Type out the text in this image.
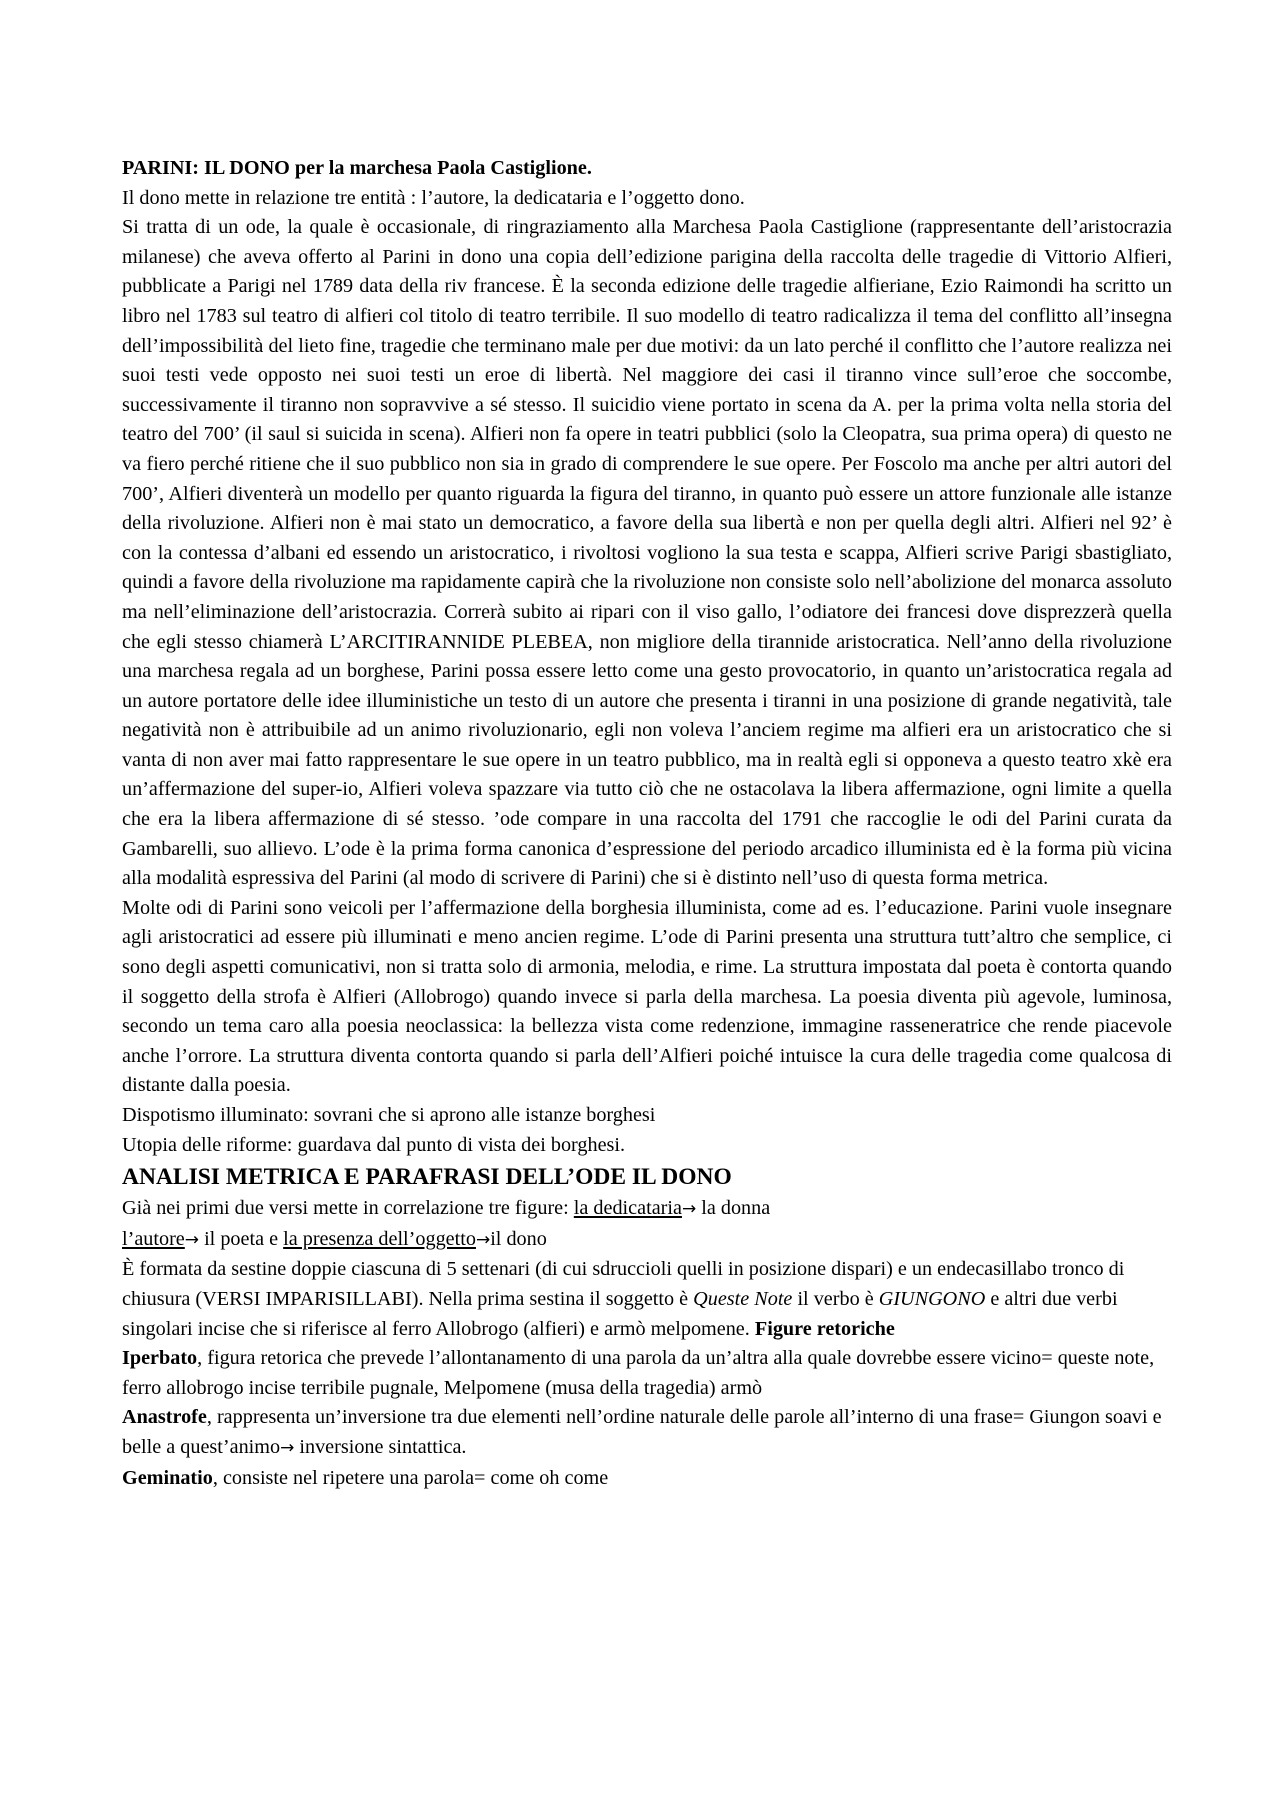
PARINI: IL DONO per la marchesa Paola Castiglione.

Il dono mette in relazione tre entità : l’autore, la dedicataria e l’oggetto dono.

Si tratta di un ode, la quale è occasionale, di ringraziamento alla Marchesa Paola Castiglione (rappresentante dell’aristocrazia milanese) che aveva offerto al Parini in dono una copia dell’edizione parigina della raccolta delle tragedie di Vittorio Alfieri, pubblicate a Parigi nel 1789 data della riv francese. È la seconda edizione delle tragedie alfieriane, Ezio Raimondi ha scritto un libro nel 1783 sul teatro di alfieri col titolo di teatro terribile. Il suo modello di teatro radicalizza il tema del conflitto all’insegna dell’impossibilità del lieto fine, tragedie che terminano male per due motivi: da un lato perché il conflitto che l’autore realizza nei suoi testi vede opposto nei suoi testi un eroe di libertà. Nel maggiore dei casi il tiranno vince sull’eroe che soccombe, successivamente il tiranno non sopravvive a sé stesso. Il suicidio viene portato in scena da A. per la prima volta nella storia del teatro del 700’ (il saul si suicida in scena). Alfieri non fa opere in teatri pubblici (solo la Cleopatra, sua prima opera) di questo ne va fiero perché ritiene che il suo pubblico non sia in grado di comprendere le sue opere. Per Foscolo ma anche per altri autori del 700’, Alfieri diventerà un modello per quanto riguarda la figura del tiranno, in quanto può essere un attore funzionale alle istanze della rivoluzione. Alfieri non è mai stato un democratico, a favore della sua libertà e non per quella degli altri. Alfieri nel 92’ è con la contessa d’albani ed essendo un aristocratico, i rivoltosi vogliono la sua testa e scappa, Alfieri scrive Parigi sbastigliato, quindi a favore della rivoluzione ma rapidamente capirà che la rivoluzione non consiste solo nell’abolizione del monarca assoluto ma nell’eliminazione dell’aristocrazia. Correrà subito ai ripari con il viso gallo, l’odiatore dei francesi dove disprezzerà quella che egli stesso chiamerà L’ARCITIRANNIDE PLEBEA, non migliore della tirannide aristocratica. Nell’anno della rivoluzione una marchesa regala ad un borghese, Parini possa essere letto come una gesto provocatorio, in quanto un’aristocratica regala ad un autore portatore delle idee illuministiche un testo di un autore che presenta i tiranni in una posizione di grande negatività, tale negatività non è attribuibile ad un animo rivoluzionario, egli non voleva l’anciem regime ma alfieri era un aristocratico che si vanta di non aver mai fatto rappresentare le sue opere in un teatro pubblico, ma in realtà egli si opponeva a questo teatro xkè era un’affermazione del super-io, Alfieri voleva spazzare via tutto ciò che ne ostacolava la libera affermazione, ogni limite a quella che era la libera affermazione di sé stesso. ’ode compare in una raccolta del 1791 che raccoglie le odi del Parini curata da Gambarelli, suo allievo. L’ode è la prima forma canonica d’espressione del periodo arcadico illuminista ed è la forma più vicina alla modalità espressiva del Parini (al modo di scrivere di Parini) che si è distinto nell’uso di questa forma metrica.

Molte odi di Parini sono veicoli per l’affermazione della borghesia illuminista, come ad es. l’educazione. Parini vuole insegnare agli aristocratici ad essere più illuminati e meno ancien regime. L’ode di Parini presenta una struttura tutt’altro che semplice, ci sono degli aspetti comunicativi, non si tratta solo di armonia, melodia, e rime. La struttura impostata dal poeta è contorta quando il soggetto della strofa è Alfieri (Allobrogo) quando invece si parla della marchesa. La poesia diventa più agevole, luminosa, secondo un tema caro alla poesia neoclassica: la bellezza vista come redenzione, immagine rasseneratrice che rende piacevole anche l’orrore. La struttura diventa contorta quando si parla dell’Alfieri poiché intuisce la cura delle tragedia come qualcosa di distante dalla poesia.

Dispotismo illuminato: sovrani che si aprono alle istanze borghesi

Utopia delle riforme: guardava dal punto di vista dei borghesi.

ANALISI METRICA E PARAFRASI DELL’ODE IL DONO

Già nei primi due versi mette in correlazione tre figure: la dedicataria→ la donna
l’autore→ il poeta e la presenza dell’oggetto→il dono

È formata da sestine doppie ciascuna di 5 settenari (di cui sdruccioli quelli in posizione dispari) e un endecasillabo tronco di chiusura (VERSI IMPARISILLABI). Nella prima sestina il soggetto è Queste Note il verbo è GIUNGONO e altri due verbi singolari incise che si riferisce al ferro Allobrogo (alfieri) e armò melpomene. Figure retoriche

Iperbato, figura retorica che prevede l’allontanamento di una parola da un’altra alla quale dovrebbe essere vicino= queste note, ferro allobrogo incise terribile pugnale, Melpomene (musa della tragedia) armò

Anastrofe, rappresenta un’inversione tra due elementi nell’ordine naturale delle parole all’interno di una frase= Giungon soavi e belle a quest’animo→ inversione sintattica.

Geminatio, consiste nel ripetere una parola= come oh come
